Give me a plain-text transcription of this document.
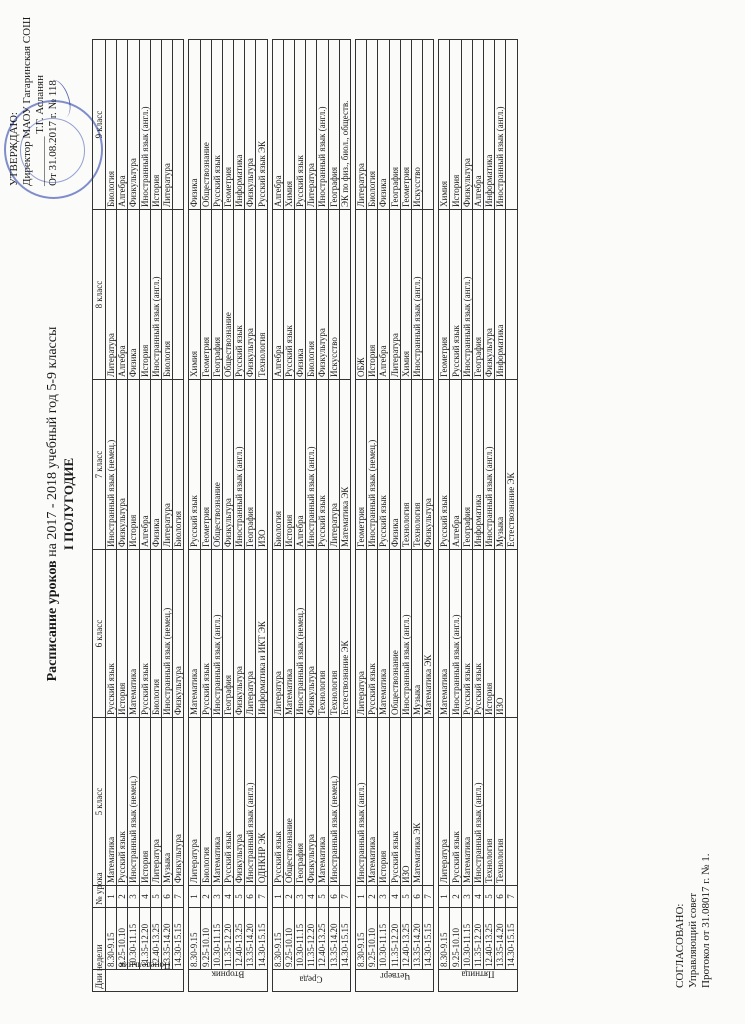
СОГЛАСОВАНО: Управляющий совет Протокол от 31.08017 г. № 1.
УТВЕРЖДАЮ: Директор МАОУ Гагаринская СОШ _________ Т.Г. Асланян От 31.08.2017 г. № 118
Расписание уроков на 2017 - 2018 учебный год 5-9 классы I ПОЛУГОДИЕ
Дни недели		№ урока	5 класс	6 класс	7 класс	8 класс	9 класс
Понедельник	8.30-9.15	1	Математика	Русский язык	Иностранный язык (немец.)	Литература	Биология
	9.25-10.10	2	Русский язык	История	Физкультура	Алгебра	Алгебра
	10.30-11.15	3	Иностранный язык (немец.)	Математика	История	Физика	Физкультура
	11.35-12.20	4	История	Русский язык	Алгебра	История	Иностранный язык (англ.)
	12.40-13.25	5	Литература	Биология	Физика	Иностранный язык (англ.)	История
	13.35-14.20	6	Музыка	Иностранный язык (немец.)	Литература	Биология	Литература
	14.30-15.15	7	Физкультура	Физкультура	Биология		

Вторник	8.30-9.15	1	Литература	Математика	Русский язык	Химия	Физика
	9.25-10.10	2	Биология	Русский язык	Геометрия	Геометрия	Обществознание
	10.30-11.15	3	Математика	Иностранный язык (англ.)	Обществознание	География	Русский язык
	11.35-12.20	4	Русский язык	География	Физкультура	Обществознание	Геометрия
	12.40-13.25	5	Физкультура	Физкультура	Иностранный язык (англ.)	Русский язык	Информатика
	13.35-14.20	6	Иностранный язык (англ.)	Литература	География	Физкультура	Физкультура
	14.30-15.15	7	ОДНКНР ЭК	Информатика и ИКТ ЭК	ИЗО	Технология	Русский язык ЭК

Среда	8.30-9.15	1	Русский язык	Литература	Биология	Алгебра	Алгебра
	9.25-10.10	2	Обществознание	Математика	История	Русский язык	Химия
	10.30-11.15	3	География	Иностранный язык (немец.)	Алгебра	Физика	Русский язык
	11.35-12.20	4	Физкультура	Физкультура	Иностранный язык (англ.)	Биология	Литература
	12.40-13.25	5	Математика	Технология	Русский язык	Физкультура	Иностранный язык (англ.)
	13.35-14.20	6	Иностранный язык (немец.)	Технология	Литература	Искусство	География
	14.30-15.15	7		Естествознание ЭК	Математика ЭК		ЭК по физ., биол., обществ.

Четверг	8.30-9.15	1	Иностранный язык (англ.)	Литература	Геометрия	ОБЖ	Литература
	9.25-10.10	2	Математика	Русский язык	Иностранный язык (немец.)	История	Биология
	10.30-11.15	3	История	Математика	Русский язык	Алгебра	Физика
	11.35-12.20	4	Русский язык	Обществознание	Физика	Литература	География
	12.40-13.25	5	ИЗО	Иностранный язык (англ.)	Технология	Химия	Геометрия
	13.35-14.20	6	Математика ЭК	Музыка	Технология	Иностранный язык (англ.)	Искусство
	14.30-15.15	7		Математика ЭК	Физкультура		

Пятница	8.30-9.15	1	Литература	Математика	Русский язык	Геометрия	Химия
	9.25-10.10	2	Русский язык	Иностранный язык (англ.)	Алгебра	Русский язык	История
	10.30-11.15	3	Математика	Русский язык	География	Иностранный язык (англ.)	Физкультура
	11.35-12.20	4	Иностранный язык (англ.)	Русский язык	Информатика	География	Алгебра
	12.40-13.25	5	Технология	История	Иностранный язык (англ.)	Физкультура	Информатика
	13.35-14.20	6	Технология	ИЗО	Музыка	Информатика	Иностранный язык (англ.)
	14.30-15.15	7			Естествознание ЭК		
